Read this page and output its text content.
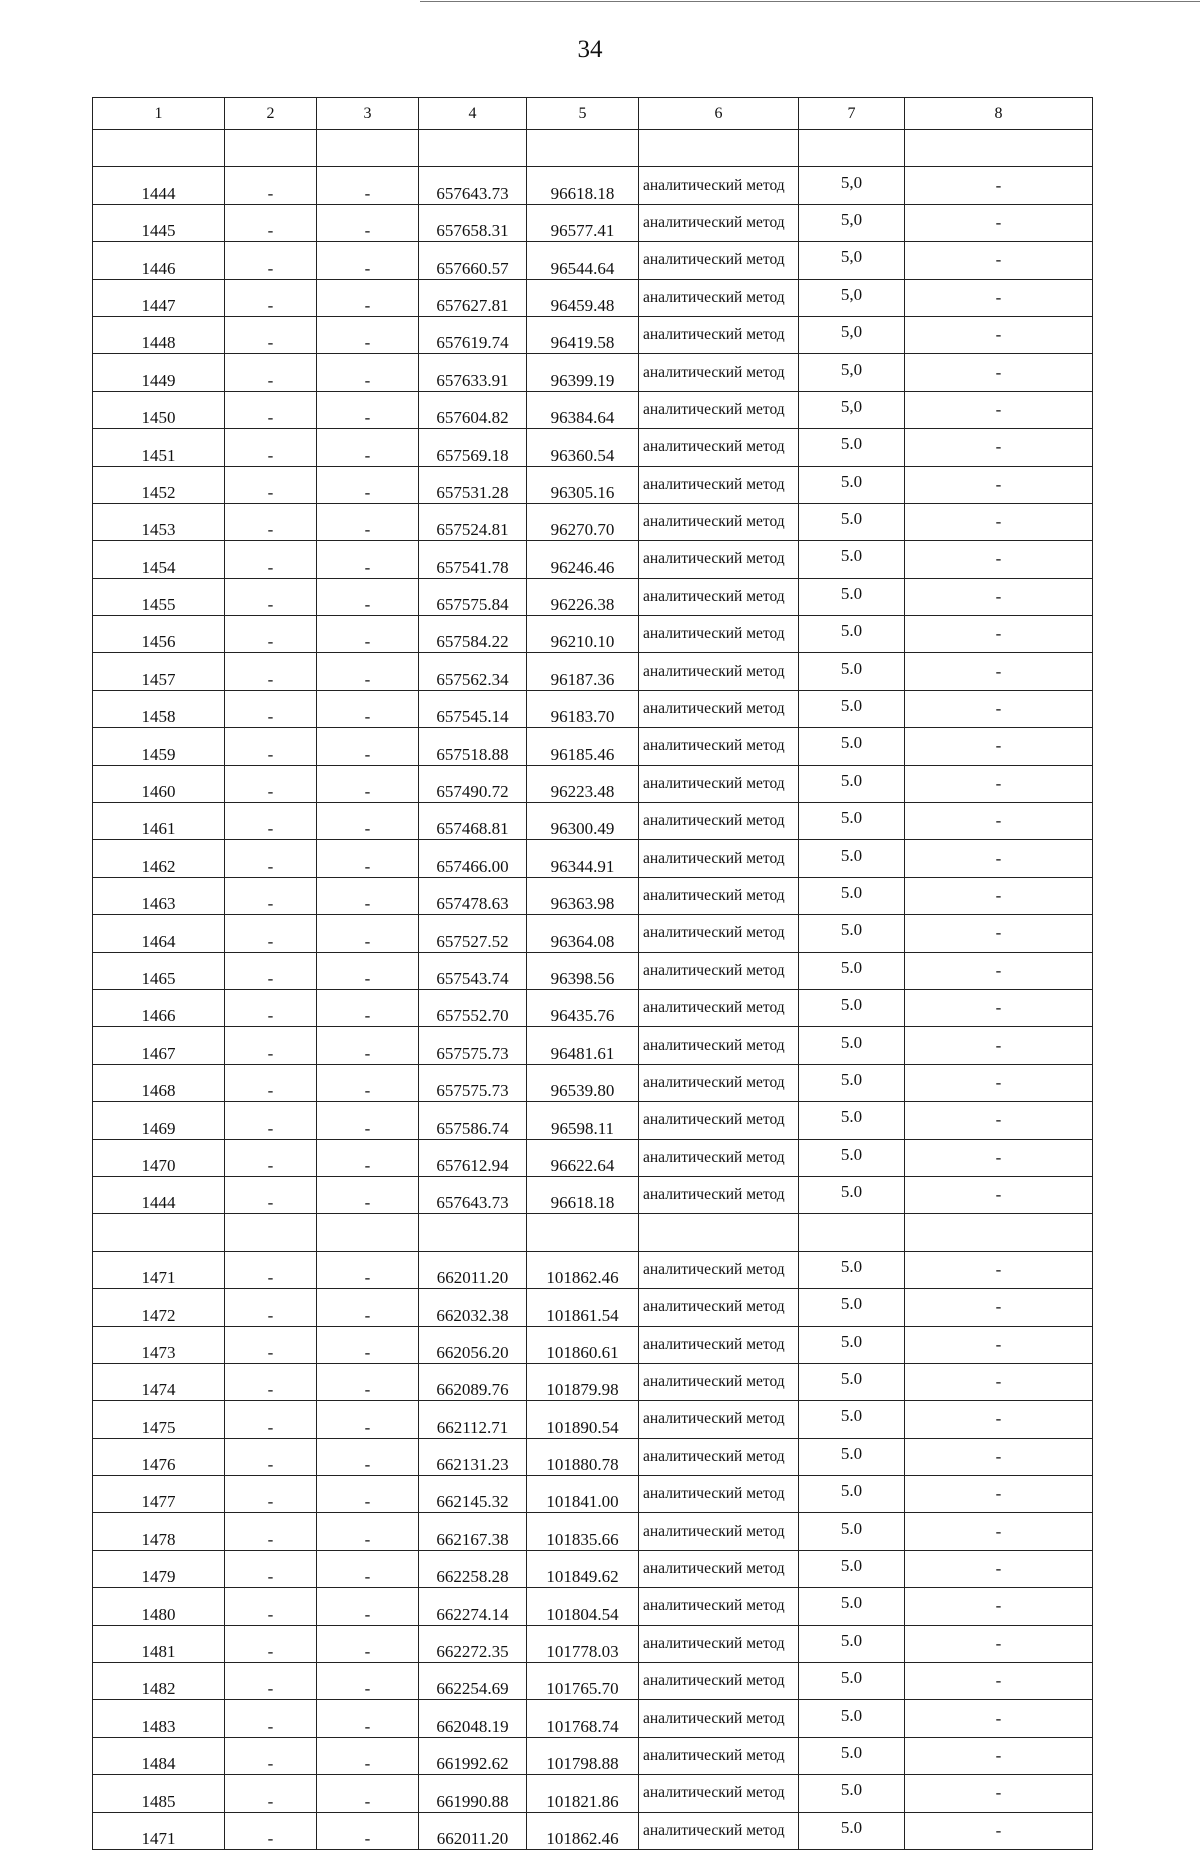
34
1	2	3	4	5	6	7	8

1444	-	-	657643.73	96618.18	аналитический метод	5,0	-
1445	-	-	657658.31	96577.41	аналитический метод	5,0	-
1446	-	-	657660.57	96544.64	аналитический метод	5,0	-
1447	-	-	657627.81	96459.48	аналитический метод	5,0	-
1448	-	-	657619.74	96419.58	аналитический метод	5,0	-
1449	-	-	657633.91	96399.19	аналитический метод	5,0	-
1450	-	-	657604.82	96384.64	аналитический метод	5,0	-
1451	-	-	657569.18	96360.54	аналитический метод	5.0	-
1452	-	-	657531.28	96305.16	аналитический метод	5.0	-
1453	-	-	657524.81	96270.70	аналитический метод	5.0	-
1454	-	-	657541.78	96246.46	аналитический метод	5.0	-
1455	-	-	657575.84	96226.38	аналитический метод	5.0	-
1456	-	-	657584.22	96210.10	аналитический метод	5.0	-
1457	-	-	657562.34	96187.36	аналитический метод	5.0	-
1458	-	-	657545.14	96183.70	аналитический метод	5.0	-
1459	-	-	657518.88	96185.46	аналитический метод	5.0	-
1460	-	-	657490.72	96223.48	аналитический метод	5.0	-
1461	-	-	657468.81	96300.49	аналитический метод	5.0	-
1462	-	-	657466.00	96344.91	аналитический метод	5.0	-
1463	-	-	657478.63	96363.98	аналитический метод	5.0	-
1464	-	-	657527.52	96364.08	аналитический метод	5.0	-
1465	-	-	657543.74	96398.56	аналитический метод	5.0	-
1466	-	-	657552.70	96435.76	аналитический метод	5.0	-
1467	-	-	657575.73	96481.61	аналитический метод	5.0	-
1468	-	-	657575.73	96539.80	аналитический метод	5.0	-
1469	-	-	657586.74	96598.11	аналитический метод	5.0	-
1470	-	-	657612.94	96622.64	аналитический метод	5.0	-
1444	-	-	657643.73	96618.18	аналитический метод	5.0	-

1471	-	-	662011.20	101862.46	аналитический метод	5.0	-
1472	-	-	662032.38	101861.54	аналитический метод	5.0	-
1473	-	-	662056.20	101860.61	аналитический метод	5.0	-
1474	-	-	662089.76	101879.98	аналитический метод	5.0	-
1475	-	-	662112.71	101890.54	аналитический метод	5.0	-
1476	-	-	662131.23	101880.78	аналитический метод	5.0	-
1477	-	-	662145.32	101841.00	аналитический метод	5.0	-
1478	-	-	662167.38	101835.66	аналитический метод	5.0	-
1479	-	-	662258.28	101849.62	аналитический метод	5.0	-
1480	-	-	662274.14	101804.54	аналитический метод	5.0	-
1481	-	-	662272.35	101778.03	аналитический метод	5.0	-
1482	-	-	662254.69	101765.70	аналитический метод	5.0	-
1483	-	-	662048.19	101768.74	аналитический метод	5.0	-
1484	-	-	661992.62	101798.88	аналитический метод	5.0	-
1485	-	-	661990.88	101821.86	аналитический метод	5.0	-
1471	-	-	662011.20	101862.46	аналитический метод	5.0	-
